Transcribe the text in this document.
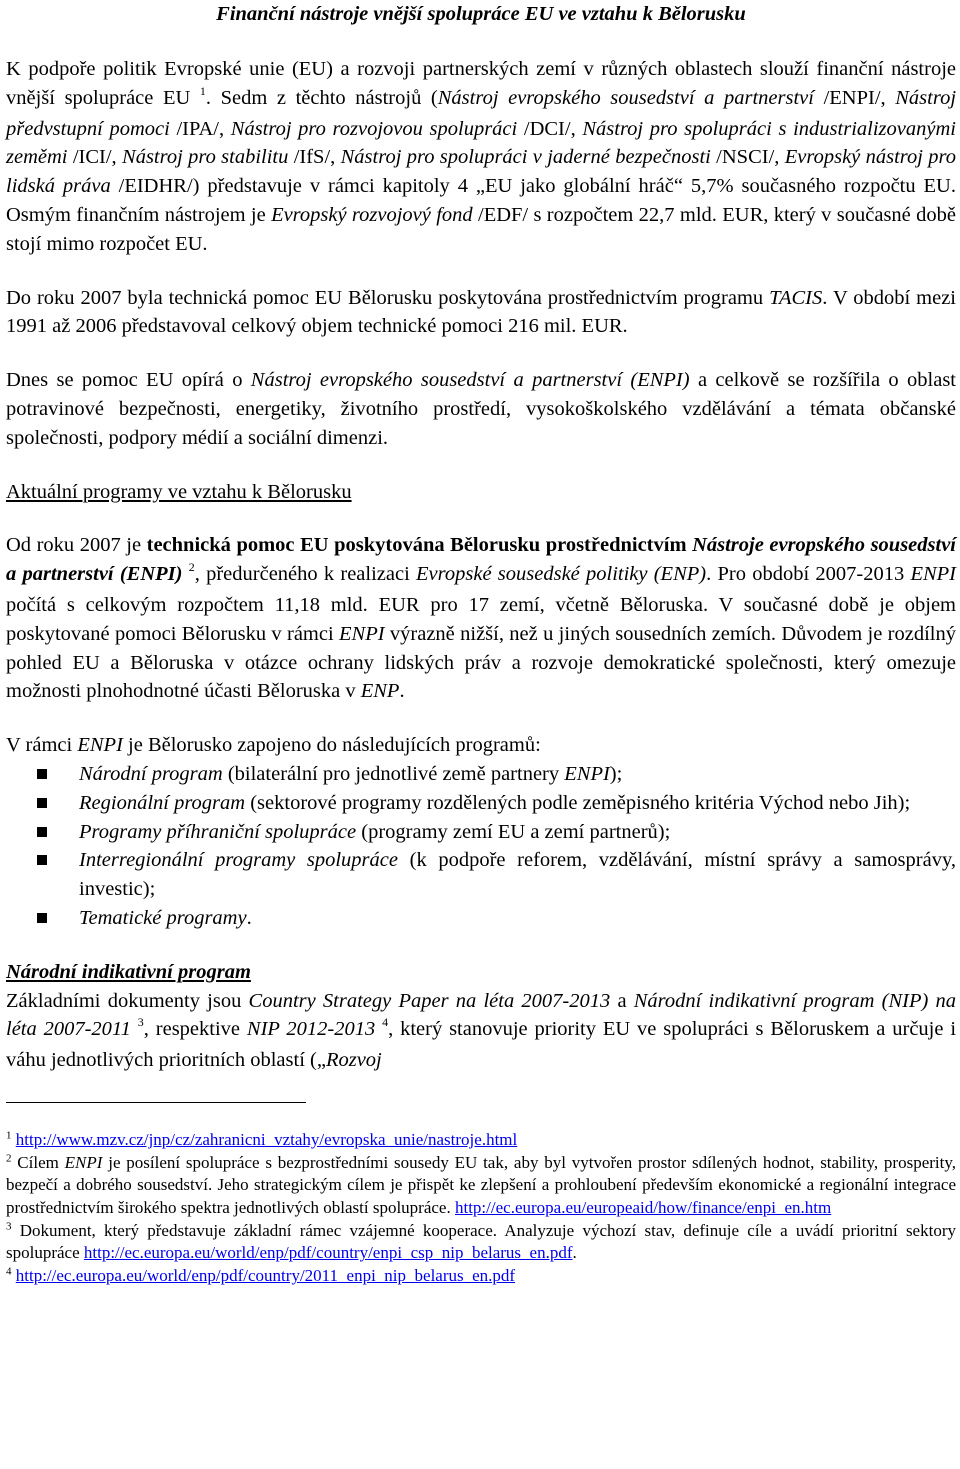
Finanční nástroje vnější spolupráce EU ve vztahu k Bělorusku

K podpoře politik Evropské unie (EU) a rozvoji partnerských zemí v různých oblastech slouží finanční nástroje vnější spolupráce EU $^1$. Sedm z těchto nástrojů (Nástroj evropského sousedství a partnerství /ENPI/, Nástroj předvstupní pomoci /IPA/, Nástroj pro rozvojovou spolupráci /DCI/, Nástroj pro spolupráci s industrializovanými zeměmi /ICI/, Nástroj pro stabilitu /IfS/, Nástroj pro spolupráci v jaderné bezpečnosti /NSCI/, Evropský nástroj pro lidská práva /EIDHR/) představuje v rámci kapitoly 4 „EU jako globální hráč“ 5,7% současného rozpočtu EU. Osmým finančním nástrojem je Evropský rozvojový fond /EDF/ s rozpočtem 22,7 mld. EUR, který v současné době stojí mimo rozpočet EU.

Do roku 2007 byla technická pomoc EU Bělorusku poskytována prostřednictvím programu TACIS. V období mezi 1991 až 2006 představoval celkový objem technické pomoci 216 mil. EUR.

Dnes se pomoc EU opírá o Nástroj evropského sousedství a partnerství (ENPI) a celkově se rozšířila o oblast potravinové bezpečnosti, energetiky, životního prostředí, vysokoškolského vzdělávání a témata občanské společnosti, podpory médií a sociální dimenzi.

Aktuální programy ve vztahu k Bělorusku

Od roku 2007 je technická pomoc EU poskytována Bělorusku prostřednictvím Nástroje evropského sousedství a partnerství (ENPI) $^2$, předurčeného k realizaci Evropské sousedské politiky (ENP). Pro období 2007-2013 ENPI počítá s celkovým rozpočtem 11,18 mld. EUR pro 17 zemí, včetně Běloruska. V současné době je objem poskytované pomoci Bělorusku v rámci ENPI výrazně nižší, než u jiných sousedních zemích. Důvodem je rozdílný pohled EU a Běloruska v otázce ochrany lidských práv a rozvoje demokratické společnosti, který omezuje možnosti plnohodnotné účasti Běloruska v ENP.

V rámci ENPI je Bělorusko zapojeno do následujících programů:

Národní program (bilaterální pro jednotlivé země partnery ENPI);
Regionální program (sektorové programy rozdělených podle zeměpisného kritéria Východ nebo Jih);
Programy příhraniční spolupráce (programy zemí EU a zemí partnerů);
Interregionální programy spolupráce (k podpoře reforem, vzdělávání, místní správy a samosprávy, investic);
Tematické programy.

Národní indikativní program

Základními dokumenty jsou Country Strategy Paper na léta 2007-2013 a Národní indikativní program (NIP) na léta 2007-2011 $^3$, respektive NIP 2012-2013 $^4$, který stanovuje priority EU ve spolupráci s Běloruskem a určuje i váhu jednotlivých prioritních oblastí („Rozvoj

$^1$ http://www.mzv.cz/jnp/cz/zahranicni_vztahy/evropska_unie/nastroje.html

$^2$ Cílem ENPI je posílení spolupráce s bezprostředními sousedy EU tak, aby byl vytvořen prostor sdílených hodnot, stability, prosperity, bezpečí a dobrého sousedství. Jeho strategickým cílem je přispět ke zlepšení a prohloubení především ekonomické a regionální integrace prostřednictvím širokého spektra jednotlivých oblastí spolupráce. http://ec.europa.eu/europeaid/how/finance/enpi_en.htm

$^3$ Dokument, který představuje základní rámec vzájemné kooperace. Analyzuje výchozí stav, definuje cíle a uvádí prioritní sektory spolupráce http://ec.europa.eu/world/enp/pdf/country/enpi_csp_nip_belarus_en.pdf.

$^4$ http://ec.europa.eu/world/enp/pdf/country/2011_enpi_nip_belarus_en.pdf
